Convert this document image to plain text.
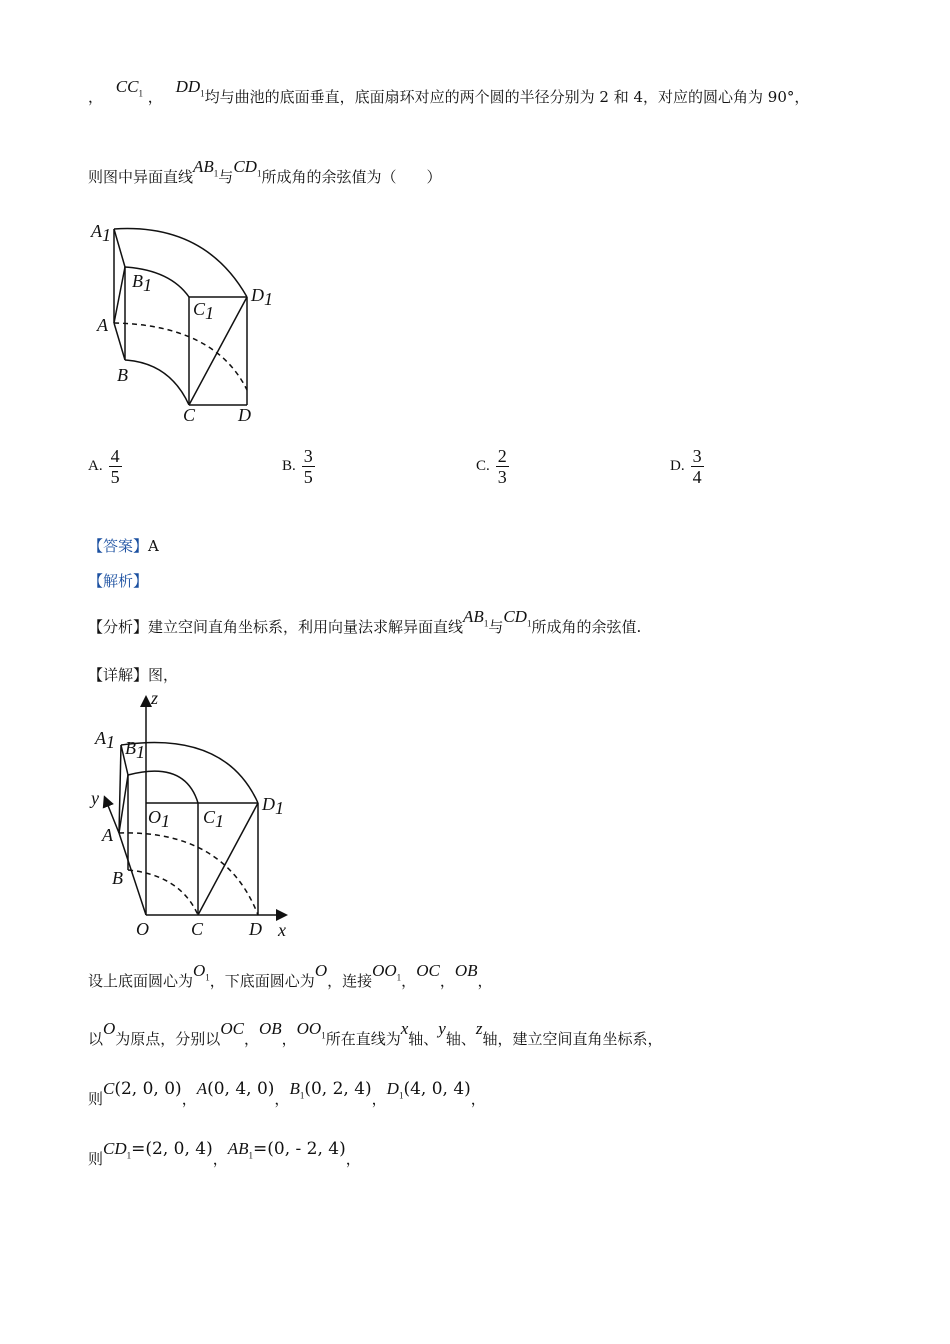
， $CC_1$ ， $DD_1$均与曲池的底面垂直，底面扇环对应的两个圆的半径分别为 2 和 4，对应的圆心角为 90°，
则图中异面直线$AB_1$与$CD_1$所成角的余弦值为（　　）
A1
B1
C1
D1
A
B
C D
A. $\frac{4}{5}$	B. $\frac{3}{5}$	C. $\frac{2}{3}$	D. $\frac{3}{4}$
【答案】A
【解析】
【分析】建立空间直角坐标系，利用向量法求解异面直线$AB_1$与$CD_1$所成角的余弦值.
【详解】图，
z
y
x
A1 B1
O1 C1
D1
A
B
O C	D
设上底面圆心为$O_1$，下底面圆心为O，连接$OO_1$，OC，OB，
以O为原点，分别以OC，OB，$OO_1$所在直线为x轴、y轴、z轴，建立空间直角坐标系，
则C(2, 0, 0)，A(0, 4, 0)，$B_1(0$, 2, 4)，$D_1(4$, 0, 4)，
则$CD_1=(2$, 0, 4)，$AB_1=(0$, - 2, 4)，
